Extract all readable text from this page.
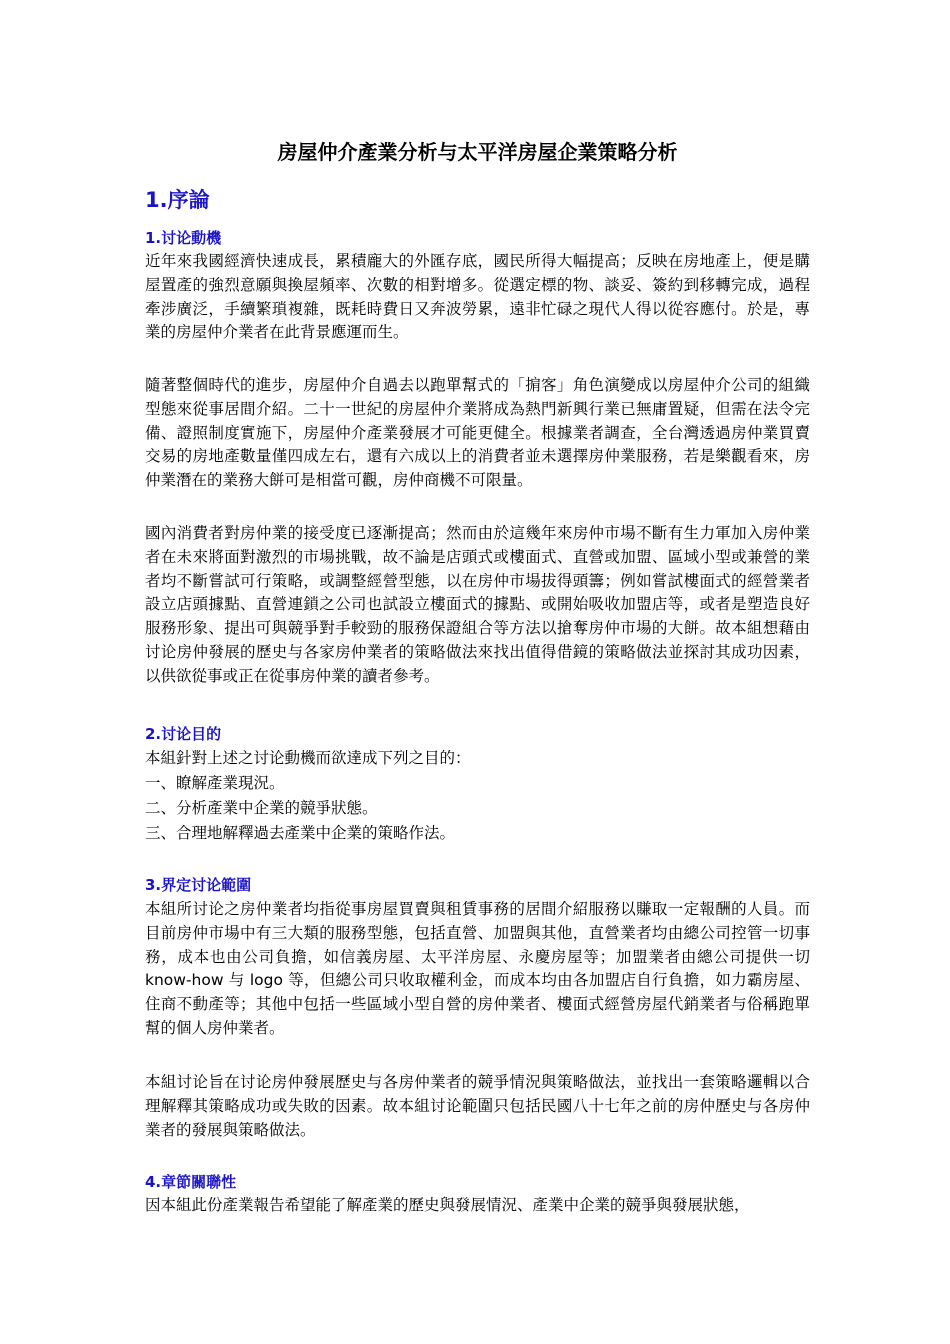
房屋仲介產業分析与太平洋房屋企業策略分析
1.序論
1.讨论動機

近年來我國經濟快速成長，累積龐大的外匯存底，國民所得大幅提高；反映在房地產上，便是購屋置產的強烈意願與換屋頻率、次數的相對增多。從選定標的物、談妥、簽約到移轉完成，過程牽涉廣泛，手續繁瑣複雜，既耗時費日又奔波勞累，遠非忙碌之現代人得以從容應付。於是，專業的房屋仲介業者在此背景應運而生。

隨著整個時代的進步，房屋仲介自過去以跑單幫式的「掮客」角色演變成以房屋仲介公司的組織型態來從事居間介紹。二十一世紀的房屋仲介業將成為熱門新興行業已無庸置疑，但需在法令完備、證照制度實施下，房屋仲介產業發展才可能更健全。根據業者調查，全台灣透過房仲業買賣交易的房地產數量僅四成左右，還有六成以上的消費者並未選擇房仲業服務，若是樂觀看來，房仲業潛在的業務大餅可是相當可觀，房仲商機不可限量。

國內消費者對房仲業的接受度已逐漸提高；然而由於這幾年來房仲市場不斷有生力軍加入房仲業者在未來將面對激烈的市場挑戰，故不論是店頭式或樓面式、直營或加盟、區域小型或兼營的業者均不斷嘗試可行策略，或調整經營型態，以在房仲市場拔得頭籌；例如嘗試樓面式的經營業者設立店頭據點、直營連鎖之公司也試設立樓面式的據點、或開始吸收加盟店等，或者是塑造良好服務形象、提出可與競爭對手較勁的服務保證組合等方法以搶奪房仲市場的大餅。故本組想藉由讨论房仲發展的歷史与各家房仲業者的策略做法來找出值得借鏡的策略做法並探討其成功因素，以供欲從事或正在從事房仲業的讀者參考。

2.讨论目的

本組針對上述之讨论動機而欲達成下列之目的：

一、瞭解產業現況。

二、分析產業中企業的競爭狀態。

三、合理地解釋過去產業中企業的策略作法。

3.界定讨论範圍

本組所讨论之房仲業者均指從事房屋買賣與租賃事務的居間介紹服務以賺取一定報酬的人員。而目前房仲市場中有三大類的服務型態，包括直營、加盟與其他，直營業者均由總公司控管一切事務，成本也由公司負擔，如信義房屋、太平洋房屋、永慶房屋等；加盟業者由總公司提供一切 know-how 与 logo 等，但總公司只收取權利金，而成本均由各加盟店自行負擔，如力霸房屋、住商不動產等；其他中包括一些區域小型自營的房仲業者、樓面式經營房屋代銷業者与俗稱跑單幫的個人房仲業者。

本組讨论旨在讨论房仲發展歷史与各房仲業者的競爭情況與策略做法，並找出一套策略邏輯以合理解釋其策略成功或失敗的因素。故本組讨论範圍只包括民國八十七年之前的房仲歷史与各房仲業者的發展與策略做法。

4.章節關聯性

因本組此份產業報告希望能了解產業的歷史與發展情況、產業中企業的競爭與發展狀態，
